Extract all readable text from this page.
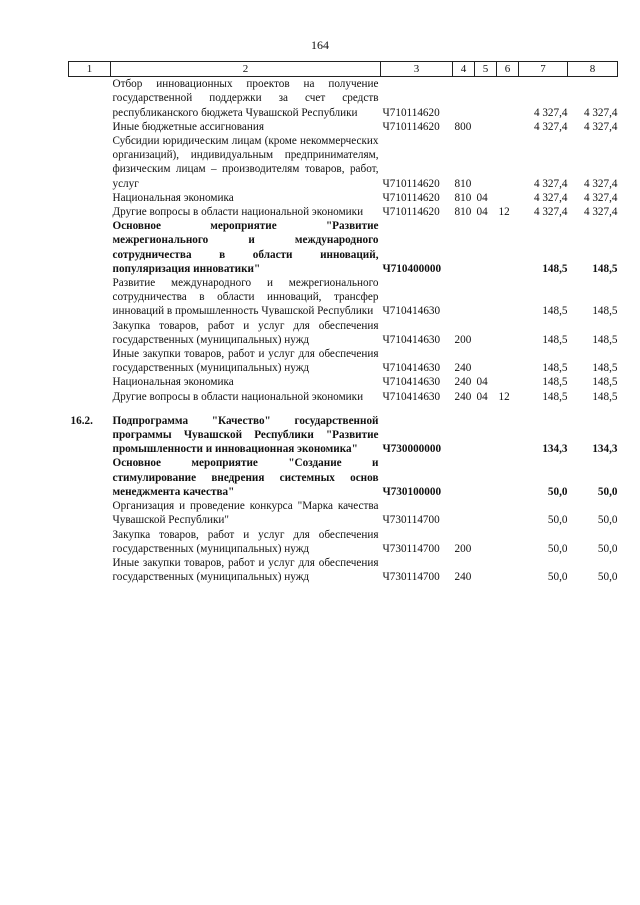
164
1	2	3	4	5	6	7	8
	Отбор инновационных проектов на получение государственной поддержки за счет средств республиканского бюджета Чувашской Республики	Ч710114620				4 327,4	4 327,4
	Иные бюджетные ассигнования	Ч710114620	800			4 327,4	4 327,4
	Субсидии юридическим лицам (кроме некоммерческих организаций), индивидуальным предпринимателям, физическим лицам – производителям товаров, работ, услуг	Ч710114620	810			4 327,4	4 327,4
	Национальная экономика	Ч710114620	810	04		4 327,4	4 327,4
	Другие вопросы в области национальной экономики	Ч710114620	810	04	12	4 327,4	4 327,4
	Основное мероприятие "Развитие межрегионального и международного сотрудничества в области инноваций, популяризация инноватики"	Ч710400000				148,5	148,5
	Развитие международного и межрегионального сотрудничества в области инноваций, трансфер инноваций в промышленность Чувашской Республики	Ч710414630				148,5	148,5
	Закупка товаров, работ и услуг для обеспечения государственных (муниципальных) нужд	Ч710414630	200			148,5	148,5
	Иные закупки товаров, работ и услуг для обеспечения государственных (муниципальных) нужд	Ч710414630	240			148,5	148,5
	Национальная экономика	Ч710414630	240	04		148,5	148,5
	Другие вопросы в области национальной экономики	Ч710414630	240	04	12	148,5	148,5

16.2.	Подпрограмма "Качество" государственной программы Чувашской Республики "Развитие промышленности и инновационная экономика"	Ч730000000				134,3	134,3
	Основное мероприятие "Создание и стимулирование внедрения системных основ менеджмента качества"	Ч730100000				50,0	50,0
	Организация и проведение конкурса "Марка качества Чувашской Республики"	Ч730114700				50,0	50,0
	Закупка товаров, работ и услуг для обеспечения государственных (муниципальных) нужд	Ч730114700	200			50,0	50,0
	Иные закупки товаров, работ и услуг для обеспечения государственных (муниципальных) нужд	Ч730114700	240			50,0	50,0
